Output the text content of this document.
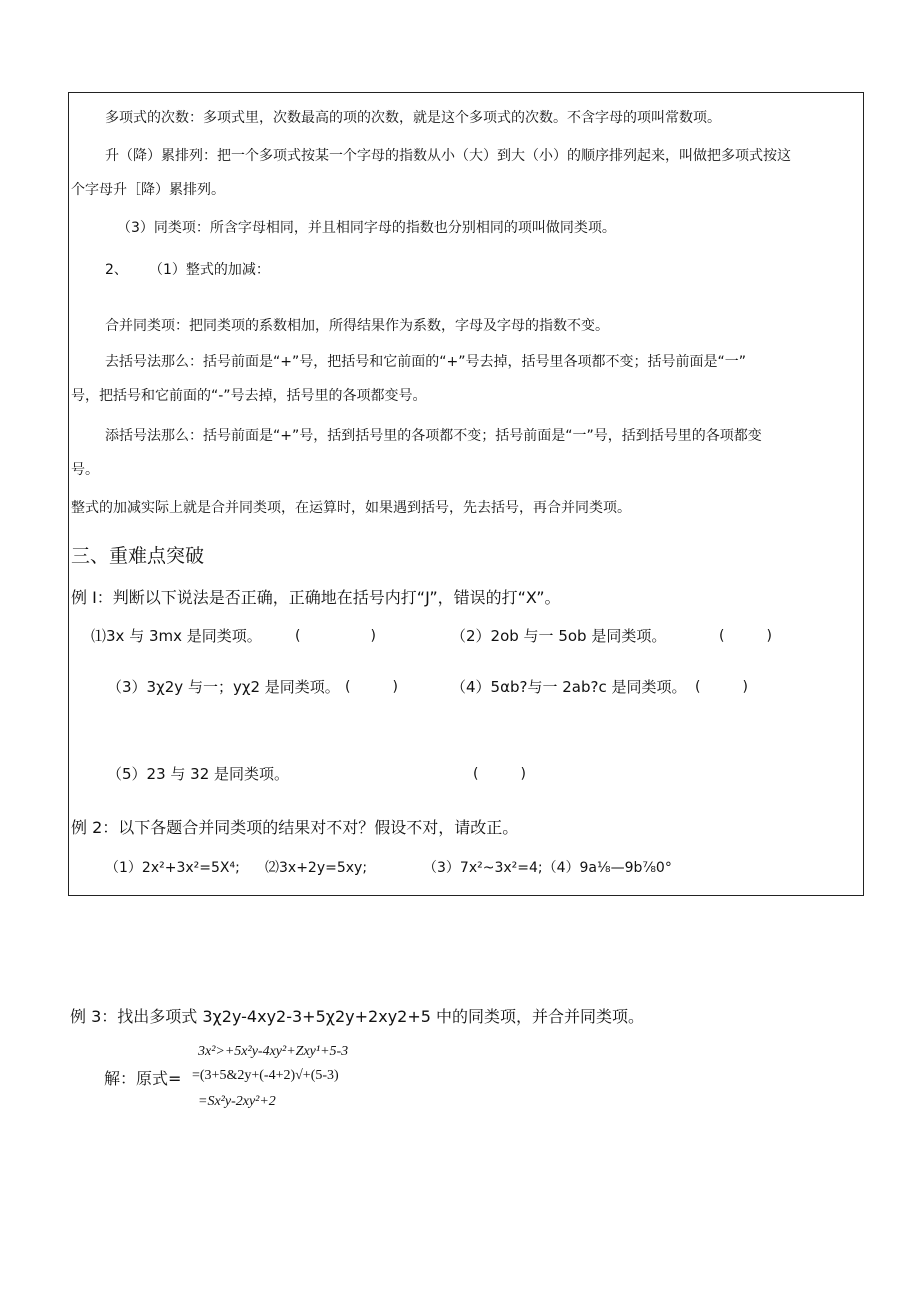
多项式的次数：多项式里，次数最高的项的次数，就是这个多项式的次数。不含字母的项叫常数项。
升（降）累排列：把一个多项式按某一个字母的指数从小（大）到大（小）的顺序排列起来，叫做把多项式按这
个字母升［降）累排列。
（3）同类项：所含字母相同，并且相同字母的指数也分别相同的项叫做同类项。
2、 （1）整式的加减：
合并同类项：把同类项的系数相加，所得结果作为系数，字母及字母的指数不变。
去括号法那么：括号前面是“+”号，把括号和它前面的“+”号去掉，括号里各项都不变；括号前面是“一”
号，把括号和它前面的“-”号去掉，括号里的各项都变号。
添括号法那么：括号前面是“+”号，括到括号里的各项都不变；括号前面是“一”号，括到括号里的各项都变
号。
整式的加减实际上就是合并同类项，在运算时，如果遇到括号，先去括号，再合并同类项。
三、重难点突破
例 I：判断以下说法是否正确，正确地在括号内打“J”，错误的打“X”。
⑴3x 与 3mx 是同类项。 (　　　　　)	（2）2ob 与一 5ob 是同类项。	(　　　)
（3）3χ2y 与一；yχ2 是同类项。 (　　　)	（4）5αb?与一 2ab?c 是同类项。 (　　　)
（5）23 与 32 是同类项。	(　　　)
例 2：以下各题合并同类项的结果对不对？假设不对，请改正。
（1）2x²+3x²=5X⁴; ⑵3x+2y=5xy;	（3）7x²~3x²=4;（4）9a⅛—9b⅞0°
例 3：找出多项式 3χ2y-4xy2-3+5χ2y+2xy2+5 中的同类项，并合并同类项。
3x²>+5x²y-4xy²+Zxy¹+5-3
解：原式= =(3+5&2y+(-4+2)√+(5-3)
=Sx²y-2xy²+2
